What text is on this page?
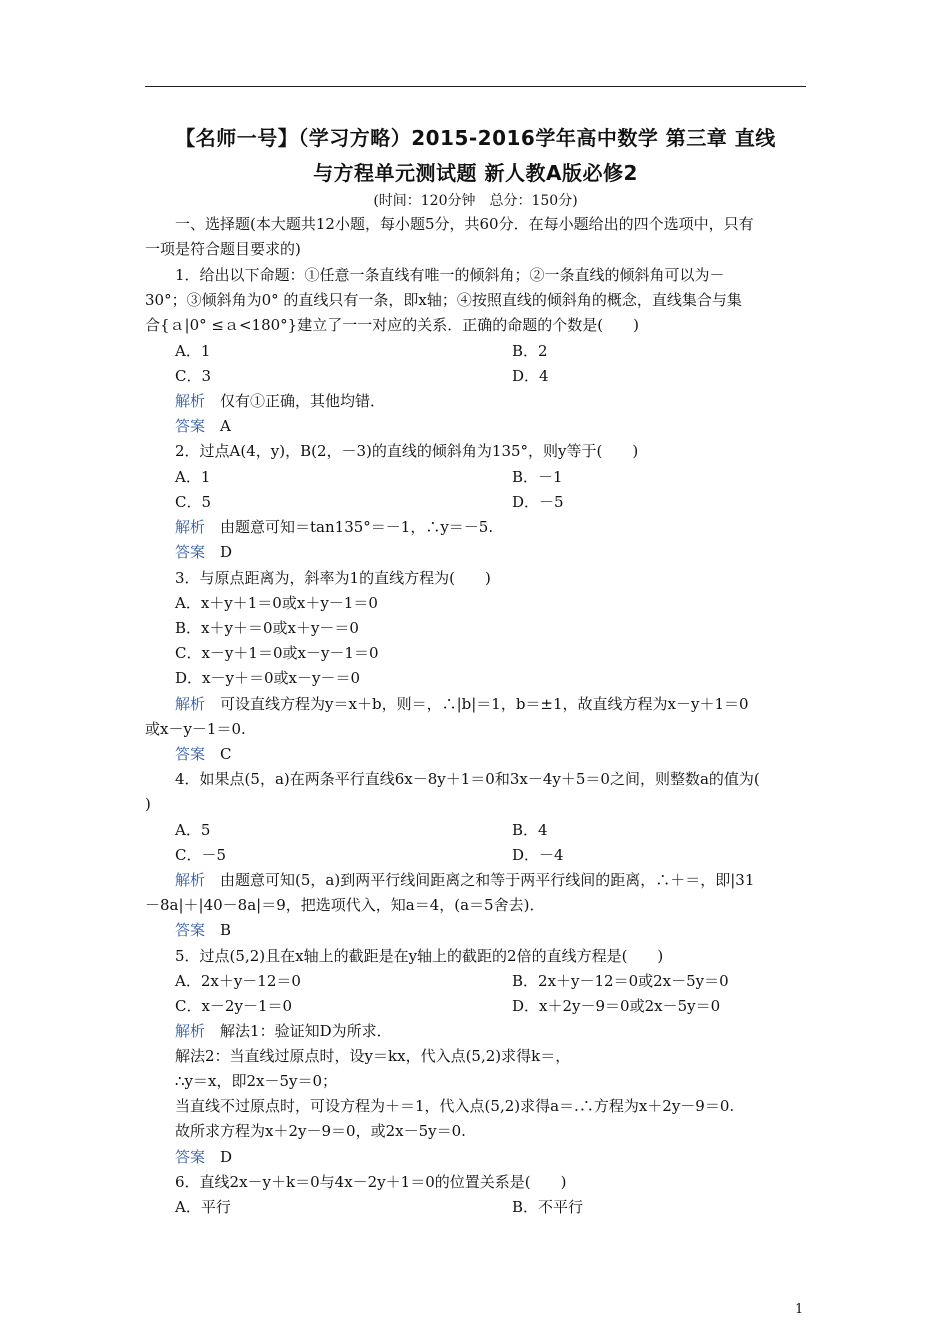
【名师一号】（学习方略）2015-2016学年高中数学 第三章 直线
与方程单元测试题 新人教A版必修2
(时间：120分钟　总分：150分)
一、选择题(本大题共12小题，每小题5分，共60分．在每小题给出的四个选项中，只有
一项是符合题目要求的)
1．给出以下命题：①任意一条直线有唯一的倾斜角；②一条直线的倾斜角可以为－
30°；③倾斜角为0° 的直线只有一条，即x轴；④按照直线的倾斜角的概念，直线集合与集
合{ａ|0° ≤ａ<180°}建立了一一对应的关系．正确的命题的个数是(　　)
A．1	B．2
C．3	D．4
解析　 仅有①正确，其他均错．
答案　 A
2．过点A(4，y)，B(2，－3)的直线的倾斜角为135°，则y等于(　　)
A．1	B．－1
C．5	D．－5
解析　 由题意可知＝tan135°＝－1，∴y＝－5.
答案　 D
3．与原点距离为，斜率为1的直线方程为(　　)
A．x＋y＋1＝0或x＋y－1＝0
B．x＋y＋＝0或x＋y－＝0
C．x－y＋1＝0或x－y－1＝0
D．x－y＋＝0或x－y－＝0
解析　 可设直线方程为y＝x＋b，则＝，∴|b|＝1，b＝±1，故直线方程为x－y＋1＝0
或x－y－1＝0.
答案　 C
4．如果点(5，a)在两条平行直线6x－8y＋1＝0和3x－4y＋5＝0之间，则整数a的值为(
)
A．5	B．4
C．－5	D．－4
解析　 由题意可知(5，a)到两平行线间距离之和等于两平行线间的距离，∴＋＝，即|31
－8a|＋|40－8a|＝9，把选项代入，知a＝4，(a＝5舍去)．
答案　 B
5．过点(5,2)且在x轴上的截距是在y轴上的截距的2倍的直线方程是(　　)
A．2x＋y－12＝0	B．2x＋y－12＝0或2x－5y＝0
C．x－2y－1＝0	D．x＋2y－9＝0或2x－5y＝0
解析　 解法1：验证知D为所求．
解法2：当直线过原点时，设y＝kx，代入点(5,2)求得k＝，
∴y＝x，即2x－5y＝0；
当直线不过原点时，可设方程为＋＝1，代入点(5,2)求得a＝.∴方程为x＋2y－9＝0.
故所求方程为x＋2y－9＝0，或2x－5y＝0.
答案　 D
6．直线2x－y＋k＝0与4x－2y＋1＝0的位置关系是(　　)
A．平行	B．不平行
1
